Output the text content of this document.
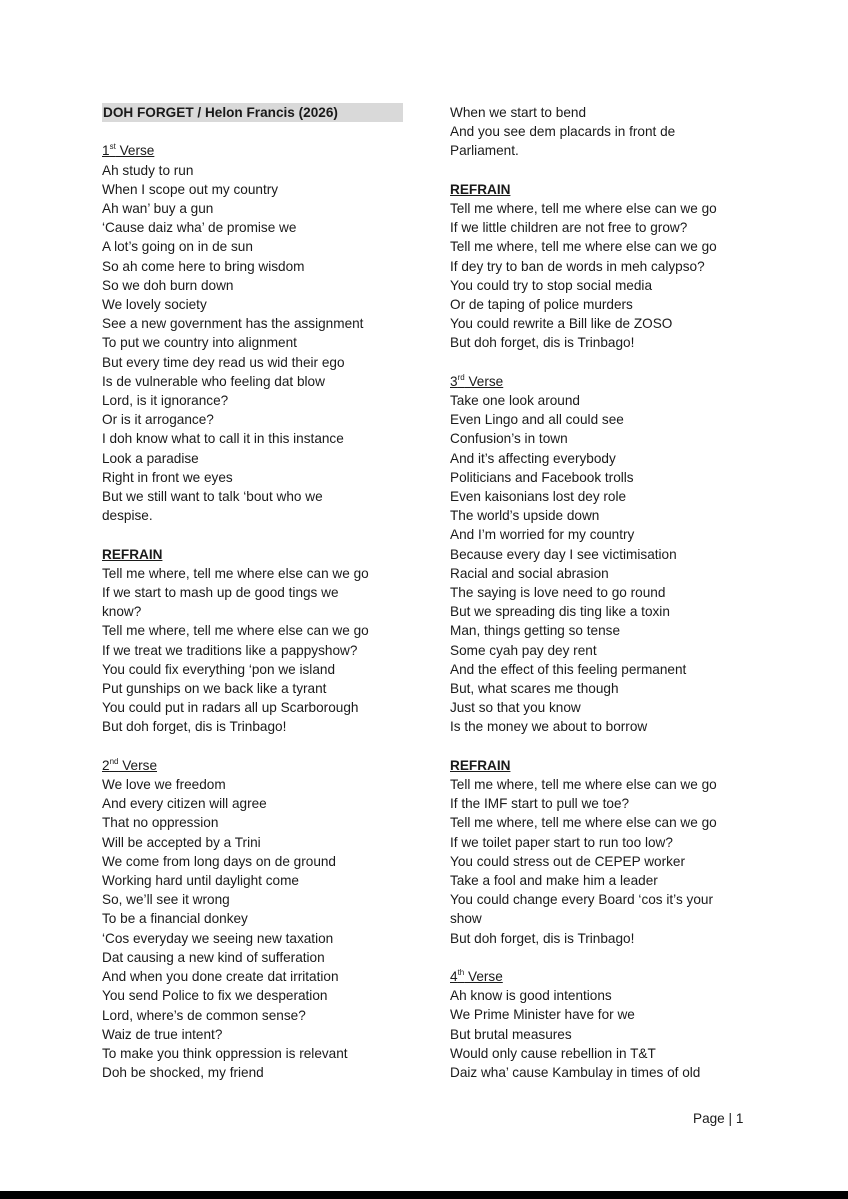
DOH FORGET / Helon Francis (2026)
1st Verse
Ah study to run
When I scope out my country
Ah wan’ buy a gun
‘Cause daiz wha’ de promise we
A lot’s going on in de sun
So ah come here to bring wisdom
So we doh burn down
We lovely society
See a new government has the assignment
To put we country into alignment
But every time dey read us wid their ego
Is de vulnerable who feeling dat blow
Lord, is it ignorance?
Or is it arrogance?
I doh know what to call it in this instance
Look a paradise
Right in front we eyes
But we still want to talk ‘bout who we
despise.
REFRAIN
Tell me where, tell me where else can we go
If we start to mash up de good tings we
know?
Tell me where, tell me where else can we go
If we treat we traditions like a pappyshow?
You could fix everything ‘pon we island
Put gunships on we back like a tyrant
You could put in radars all up Scarborough
But doh forget, dis is Trinbago!
2nd Verse
We love we freedom
And every citizen will agree
That no oppression
Will be accepted by a Trini
We come from long days on de ground
Working hard until daylight come
So, we’ll see it wrong
To be a financial donkey
‘Cos everyday we seeing new taxation
Dat causing a new kind of sufferation
And when you done create dat irritation
You send Police to fix we desperation
Lord, where’s de common sense?
Waiz de true intent?
To make you think oppression is relevant
Doh be shocked, my friend
When we start to bend
And you see dem placards in front de
Parliament.
REFRAIN
Tell me where, tell me where else can we go
If we little children are not free to grow?
Tell me where, tell me where else can we go
If dey try to ban de words in meh calypso?
You could try to stop social media
Or de taping of police murders
You could rewrite a Bill like de ZOSO
But doh forget, dis is Trinbago!
3rd Verse
Take one look around
Even Lingo and all could see
Confusion’s in town
And it’s affecting everybody
Politicians and Facebook trolls
Even kaisonians lost dey role
The world’s upside down
And I’m worried for my country
Because every day I see victimisation
Racial and social abrasion
The saying is love need to go round
But we spreading dis ting like a toxin
Man, things getting so tense
Some cyah pay dey rent
And the effect of this feeling permanent
But, what scares me though
Just so that you know
Is the money we about to borrow
REFRAIN
Tell me where, tell me where else can we go
If the IMF start to pull we toe?
Tell me where, tell me where else can we go
If we toilet paper start to run too low?
You could stress out de CEPEP worker
Take a fool and make him a leader
You could change every Board ‘cos it’s your
show
But doh forget, dis is Trinbago!
4th Verse
Ah know is good intentions
We Prime Minister have for we
But brutal measures
Would only cause rebellion in T&T
Daiz wha’ cause Kambulay in times of old
Page | 1
